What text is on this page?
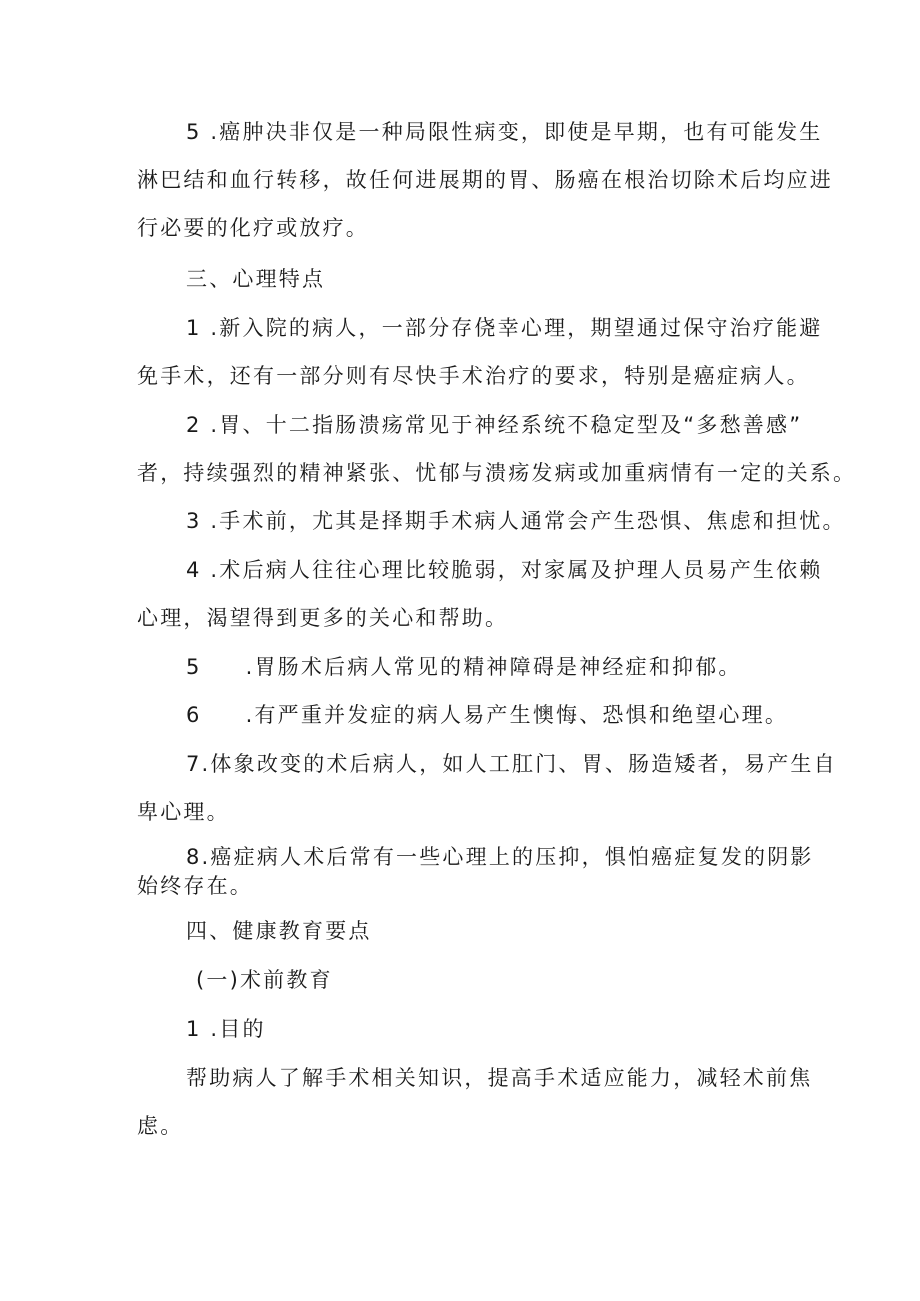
5 .癌肿决非仅是一种局限性病变，即使是早期，也有可能发生
淋巴结和血行转移，故任何进展期的胃、肠癌在根治切除术后均应进
行必要的化疗或放疗。
三、心理特点
1 .新入院的病人，一部分存侥幸心理，期望通过保守治疗能避
免手术，还有一部分则有尽快手术治疗的要求，特别是癌症病人。
2 .胃、十二指肠溃疡常见于神经系统不稳定型及“多愁善感”
者，持续强烈的精神紧张、忧郁与溃疡发病或加重病情有一定的关系。
3 .手术前，尤其是择期手术病人通常会产生恐惧、焦虑和担忧。
4 .术后病人往往心理比较脆弱，对家属及护理人员易产生依赖
心理，渴望得到更多的关心和帮助。
5 .胃肠术后病人常见的精神障碍是神经症和抑郁。
6 .有严重并发症的病人易产生懊悔、恐惧和绝望心理。
7.体象改变的术后病人，如人工肛门、胃、肠造矮者，易产生自
卑心理。
8.癌症病人术后常有一些心理上的压抑，惧怕癌症复发的阴影
始终存在。
四、健康教育要点
(一)术前教育
1 .目的
帮助病人了解手术相关知识，提高手术适应能力，减轻术前焦
虑。
